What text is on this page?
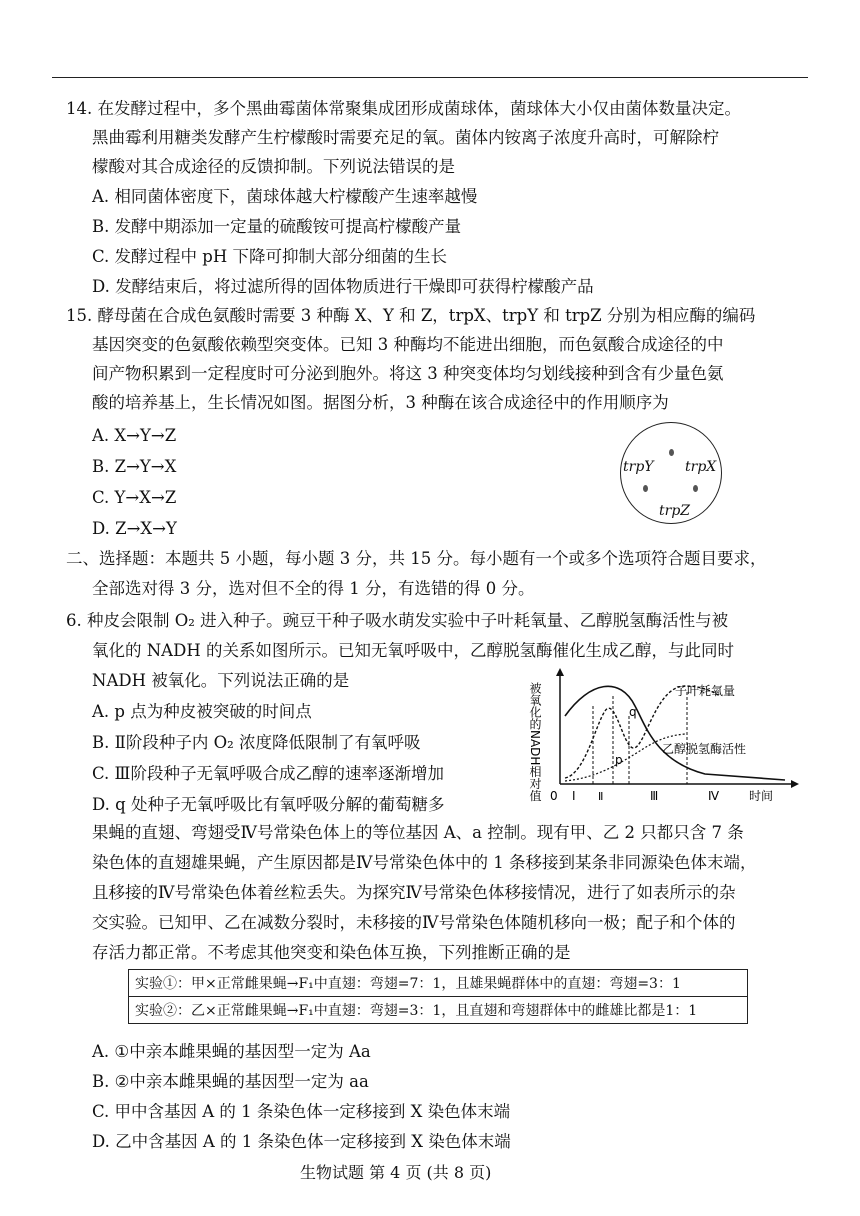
14. 在发酵过程中，多个黑曲霉菌体常聚集成团形成菌球体，菌球体大小仅由菌体数量决定。
黑曲霉利用糖类发酵产生柠檬酸时需要充足的氧。菌体内铵离子浓度升高时，可解除柠
檬酸对其合成途径的反馈抑制。下列说法错误的是
A. 相同菌体密度下，菌球体越大柠檬酸产生速率越慢
B. 发酵中期添加一定量的硫酸铵可提高柠檬酸产量
C. 发酵过程中 pH 下降可抑制大部分细菌的生长
D. 发酵结束后，将过滤所得的固体物质进行干燥即可获得柠檬酸产品
15. 酵母菌在合成色氨酸时需要 3 种酶 X、Y 和 Z，trpX、trpY 和 trpZ 分别为相应酶的编码
基因突变的色氨酸依赖型突变体。已知 3 种酶均不能进出细胞，而色氨酸合成途径的中
间产物积累到一定程度时可分泌到胞外。将这 3 种突变体均匀划线接种到含有少量色氨
酸的培养基上，生长情况如图。据图分析，3 种酶在该合成途径中的作用顺序为
A. X→Y→Z
B. Z→Y→X
C. Y→X→Z
D. Z→X→Y
trpY trpX
trpZ
二、选择题：本题共 5 小题，每小题 3 分，共 15 分。每小题有一个或多个选项符合题目要求，
全部选对得 3 分，选对但不全的得 1 分，有选错的得 0 分。
6. 种皮会限制 O₂ 进入种子。豌豆干种子吸水萌发实验中子叶耗氧量、乙醇脱氢酶活性与被
氧化的 NADH 的关系如图所示。已知无氧呼吸中，乙醇脱氢酶催化生成乙醇，与此同时
NADH 被氧化。下列说法正确的是
A. p 点为种皮被突破的时间点
B. Ⅱ阶段种子内 O₂ 浓度降低限制了有氧呼吸
C. Ⅲ阶段种子无氧呼吸合成乙醇的速率逐渐增加
D. q 处种子无氧呼吸比有氧呼吸分解的葡萄糖多
被氧化的NADH相对值	子叶耗氧量
乙醇脱氢酶活性
q
p
0 Ⅰ Ⅱ	Ⅲ	Ⅳ 时间
果蝇的直翅、弯翅受Ⅳ号常染色体上的等位基因 A、a 控制。现有甲、乙 2 只都只含 7 条
染色体的直翅雄果蝇，产生原因都是Ⅳ号常染色体中的 1 条移接到某条非同源染色体末端，
且移接的Ⅳ号常染色体着丝粒丢失。为探究Ⅳ号常染色体移接情况，进行了如表所示的杂
交实验。已知甲、乙在减数分裂时，未移接的Ⅳ号常染色体随机移向一极；配子和个体的
存活力都正常。不考虑其他突变和染色体互换，下列推断正确的是
实验①：甲×正常雌果蝇→F₁中直翅：弯翅=7：1，且雄果蝇群体中的直翅：弯翅=3：1
实验②：乙×正常雌果蝇→F₁中直翅：弯翅=3：1，且直翅和弯翅群体中的雌雄比都是1：1
A. ①中亲本雌果蝇的基因型一定为 Aa
B. ②中亲本雌果蝇的基因型一定为 aa
C. 甲中含基因 A 的 1 条染色体一定移接到 X 染色体末端
D. 乙中含基因 A 的 1 条染色体一定移接到 X 染色体末端
生物试题 第 4 页 (共 8 页)
